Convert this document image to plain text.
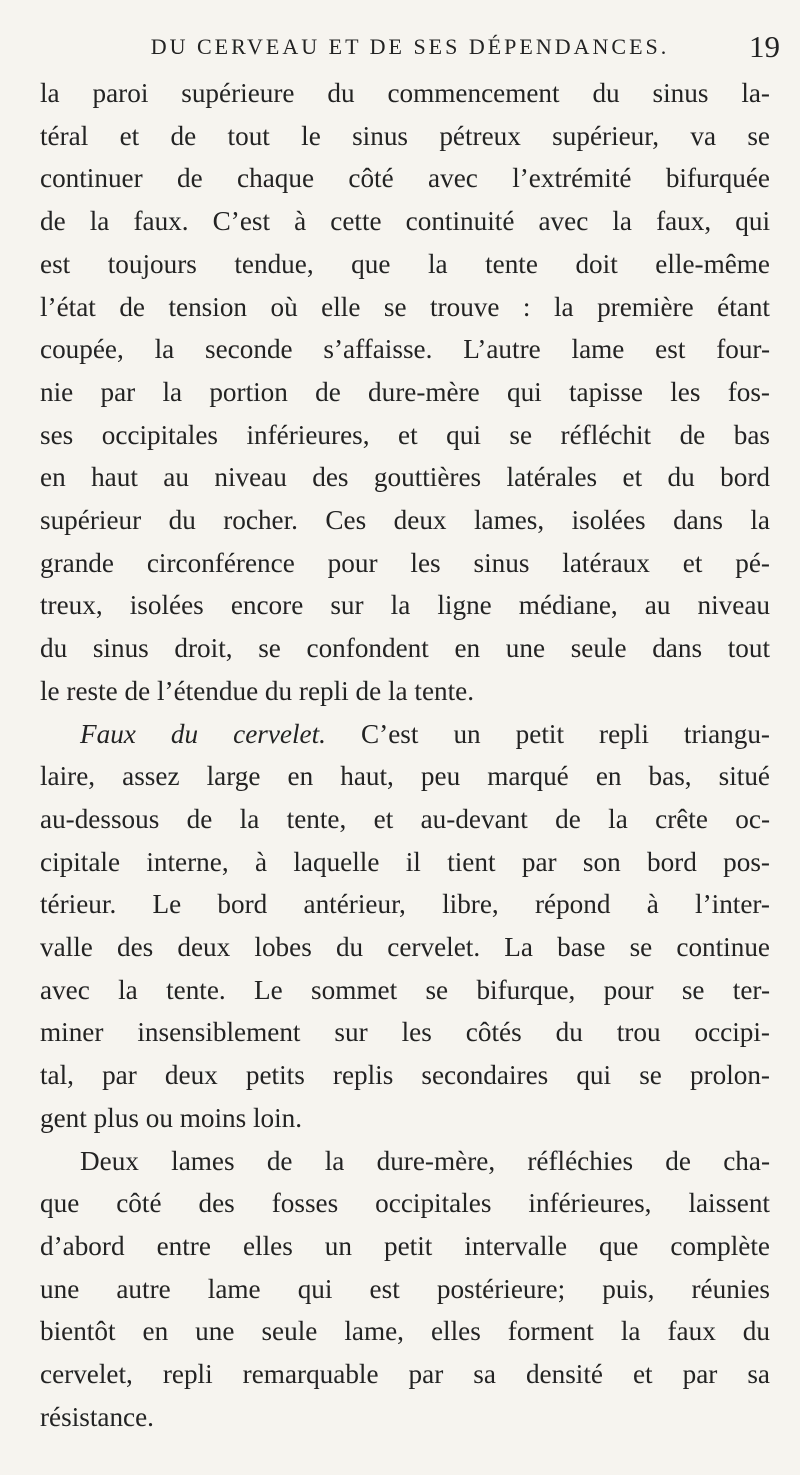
DU CERVEAU ET DE SES DÉPENDANCES.	19
la paroi supérieure du commencement du sinus la-
téral et de tout le sinus pétreux supérieur, va se
continuer de chaque côté avec l’extrémité bifurquée
de la faux. C’est à cette continuité avec la faux, qui
est toujours tendue, que la tente doit elle-même
l’état de tension où elle se trouve : la première étant
coupée, la seconde s’affaisse. L’autre lame est four-
nie par la portion de dure-mère qui tapisse les fos-
ses occipitales inférieures, et qui se réfléchit de bas
en haut au niveau des gouttières latérales et du bord
supérieur du rocher. Ces deux lames, isolées dans la
grande circonférence pour les sinus latéraux et pé-
treux, isolées encore sur la ligne médiane, au niveau
du sinus droit, se confondent en une seule dans tout
le reste de l’étendue du repli de la tente.
Faux du cervelet. C’est un petit repli triangu-
laire, assez large en haut, peu marqué en bas, situé
au-dessous de la tente, et au-devant de la crête oc-
cipitale interne, à laquelle il tient par son bord pos-
térieur. Le bord antérieur, libre, répond à l’inter-
valle des deux lobes du cervelet. La base se continue
avec la tente. Le sommet se bifurque, pour se ter-
miner insensiblement sur les côtés du trou occipi-
tal, par deux petits replis secondaires qui se prolon-
gent plus ou moins loin.
Deux lames de la dure-mère, réfléchies de cha-
que côté des fosses occipitales inférieures, laissent
d’abord entre elles un petit intervalle que complète
une autre lame qui est postérieure; puis, réunies
bientôt en une seule lame, elles forment la faux du
cervelet, repli remarquable par sa densité et par sa
résistance.
